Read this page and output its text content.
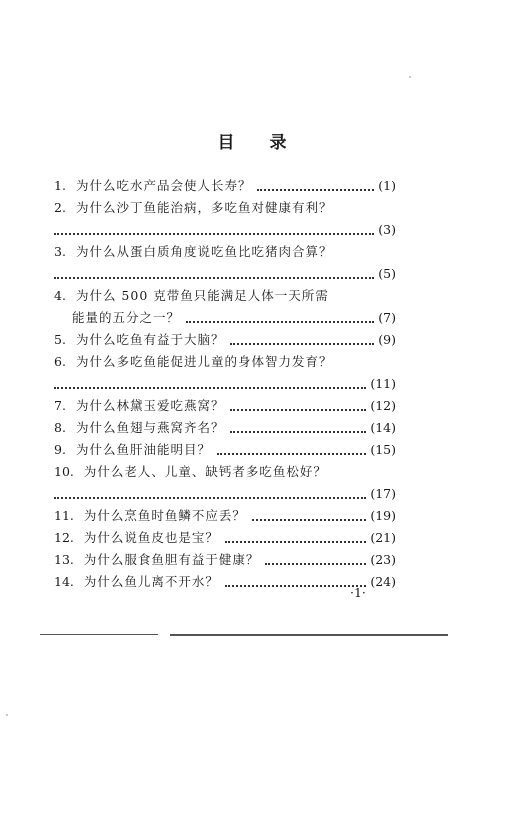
目 录
1. 为什么吃水产品会使人长寿？	(1)
2. 为什么沙丁鱼能治病，多吃鱼对健康有利？
(3)
3. 为什么从蛋白质角度说吃鱼比吃猪肉合算？
(5)
4. 为什么 500 克带鱼只能满足人体一天所需
能量的五分之一？	(7)
5. 为什么吃鱼有益于大脑？	(9)
6. 为什么多吃鱼能促进儿童的身体智力发育？
(11)
7. 为什么林黛玉爱吃燕窝？	(12)
8. 为什么鱼翅与燕窝齐名？	(14)
9. 为什么鱼肝油能明目？	(15)
10. 为什么老人、儿童、缺钙者多吃鱼松好？
(17)
11. 为什么烹鱼时鱼鳞不应丢？	(19)
12. 为什么说鱼皮也是宝？	(21)
13. 为什么服食鱼胆有益于健康？	(23)
14. 为什么鱼儿离不开水？	(24)
·1·
